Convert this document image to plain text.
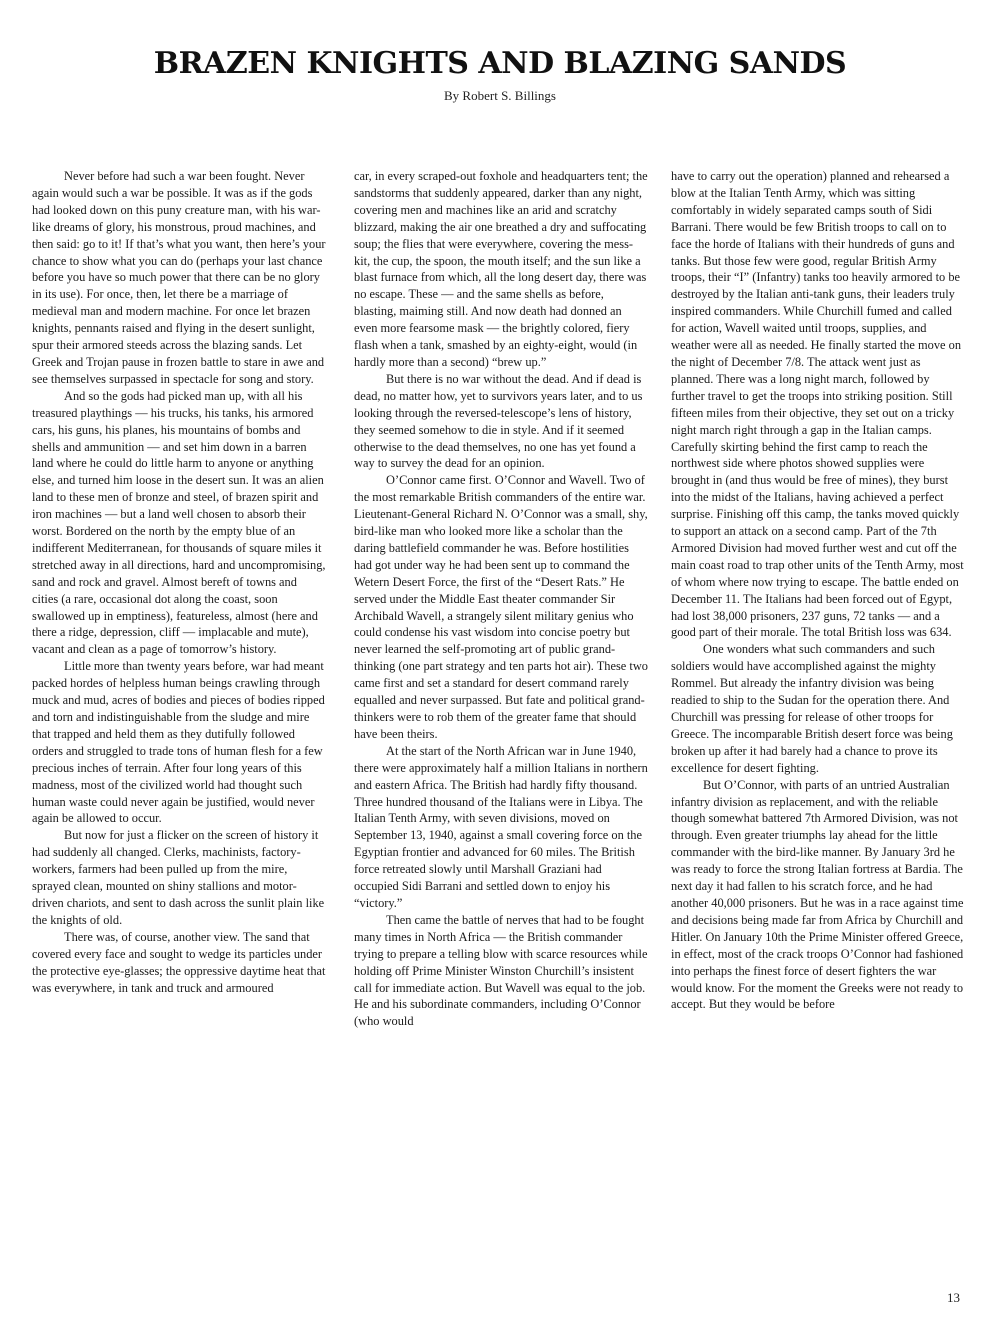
BRAZEN KNIGHTS AND BLAZING SANDS
By Robert S. Billings

Never before had such a war been fought. Never again would such a war be possible. It was as if the gods had looked down on this puny creature man, with his war-like dreams of glory, his monstrous, proud machines, and then said: go to it! If that’s what you want, then here’s your chance to show what you can do (perhaps your last chance before you have so much power that there can be no glory in its use). For once, then, let there be a marriage of medieval man and modern machine. For once let brazen knights, pennants raised and flying in the desert sunlight, spur their armored steeds across the blazing sands. Let Greek and Trojan pause in frozen battle to stare in awe and see themselves surpassed in spectacle for song and story.

And so the gods had picked man up, with all his treasured playthings — his trucks, his tanks, his armored cars, his guns, his planes, his mountains of bombs and shells and ammunition — and set him down in a barren land where he could do little harm to anyone or anything else, and turned him loose in the desert sun. It was an alien land to these men of bronze and steel, of brazen spirit and iron machines — but a land well chosen to absorb their worst. Bordered on the north by the empty blue of an indifferent Mediterranean, for thousands of square miles it stretched away in all directions, hard and uncompromising, sand and rock and gravel. Almost bereft of towns and cities (a rare, occasional dot along the coast, soon swallowed up in emptiness), featureless, almost (here and there a ridge, depression, cliff — implacable and mute), vacant and clean as a page of tomorrow’s history.

Little more than twenty years before, war had meant packed hordes of helpless human beings crawling through muck and mud, acres of bodies and pieces of bodies ripped and torn and indistinguishable from the sludge and mire that trapped and held them as they dutifully followed orders and struggled to trade tons of human flesh for a few precious inches of terrain. After four long years of this madness, most of the civilized world had thought such human waste could never again be justified, would never again be allowed to occur.

But now for just a flicker on the screen of history it had suddenly all changed. Clerks, machinists, factory-workers, farmers had been pulled up from the mire, sprayed clean, mounted on shiny stallions and motor-driven chariots, and sent to dash across the sunlit plain like the knights of old.

There was, of course, another view. The sand that covered every face and sought to wedge its particles under the protective eye-glasses; the oppressive daytime heat that was everywhere, in tank and truck and armoured

car, in every scraped-out foxhole and headquarters tent; the sandstorms that suddenly appeared, darker than any night, covering men and machines like an arid and scratchy blizzard, making the air one breathed a dry and suffocating soup; the flies that were everywhere, covering the mess-kit, the cup, the spoon, the mouth itself; and the sun like a blast furnace from which, all the long desert day, there was no escape. These — and the same shells as before, blasting, maiming still. And now death had donned an even more fearsome mask — the brightly colored, fiery flash when a tank, smashed by an eighty-eight, would (in hardly more than a second) “brew up.”

But there is no war without the dead. And if dead is dead, no matter how, yet to survivors years later, and to us looking through the reversed-telescope’s lens of history, they seemed somehow to die in style. And if it seemed otherwise to the dead themselves, no one has yet found a way to survey the dead for an opinion.

O’Connor came first. O’Connor and Wavell. Two of the most remarkable British commanders of the entire war. Lieutenant-General Richard N. O’Connor was a small, shy, bird-like man who looked more like a scholar than the daring battlefield commander he was. Before hostilities had got under way he had been sent up to command the Wetern Desert Force, the first of the “Desert Rats.” He served under the Middle East theater commander Sir Archibald Wavell, a strangely silent military genius who could condense his vast wisdom into concise poetry but never learned the self-promoting art of public grand-thinking (one part strategy and ten parts hot air). These two came first and set a standard for desert command rarely equalled and never surpassed. But fate and political grand-thinkers were to rob them of the greater fame that should have been theirs.

At the start of the North African war in June 1940, there were approximately half a million Italians in northern and eastern Africa. The British had hardly fifty thousand. Three hundred thousand of the Italians were in Libya. The Italian Tenth Army, with seven divisions, moved on September 13, 1940, against a small covering force on the Egyptian frontier and advanced for 60 miles. The British force retreated slowly until Marshall Graziani had occupied Sidi Barrani and settled down to enjoy his “victory.”

Then came the battle of nerves that had to be fought many times in North Africa — the British commander trying to prepare a telling blow with scarce resources while holding off Prime Minister Winston Churchill’s insistent call for immediate action. But Wavell was equal to the job. He and his subordinate commanders, including O’Connor (who would

have to carry out the operation) planned and rehearsed a blow at the Italian Tenth Army, which was sitting comfortably in widely separated camps south of Sidi Barrani. There would be few British troops to call on to face the horde of Italians with their hundreds of guns and tanks. But those few were good, regular British Army troops, their “I” (Infantry) tanks too heavily armored to be destroyed by the Italian anti-tank guns, their leaders truly inspired commanders. While Churchill fumed and called for action, Wavell waited until troops, supplies, and weather were all as needed. He finally started the move on the night of December 7/8. The attack went just as planned. There was a long night march, followed by further travel to get the troops into striking position. Still fifteen miles from their objective, they set out on a tricky night march right through a gap in the Italian camps. Carefully skirting behind the first camp to reach the northwest side where photos showed supplies were brought in (and thus would be free of mines), they burst into the midst of the Italians, having achieved a perfect surprise. Finishing off this camp, the tanks moved quickly to support an attack on a second camp. Part of the 7th Armored Division had moved further west and cut off the main coast road to trap other units of the Tenth Army, most of whom where now trying to escape. The battle ended on December 11. The Italians had been forced out of Egypt, had lost 38,000 prisoners, 237 guns, 72 tanks — and a good part of their morale. The total British loss was 634.

One wonders what such commanders and such soldiers would have accomplished against the mighty Rommel. But already the infantry division was being readied to ship to the Sudan for the operation there. And Churchill was pressing for release of other troops for Greece. The incomparable British desert force was being broken up after it had barely had a chance to prove its excellence for desert fighting.

But O’Connor, with parts of an untried Australian infantry division as replacement, and with the reliable though somewhat battered 7th Armored Division, was not through. Even greater triumphs lay ahead for the little commander with the bird-like manner. By January 3rd he was ready to force the strong Italian fortress at Bardia. The next day it had fallen to his scratch force, and he had another 40,000 prisoners. But he was in a race against time and decisions being made far from Africa by Churchill and Hitler. On January 10th the Prime Minister offered Greece, in effect, most of the crack troops O’Connor had fashioned into perhaps the finest force of desert fighters the war would know. For the moment the Greeks were not ready to accept. But they would be before

13
